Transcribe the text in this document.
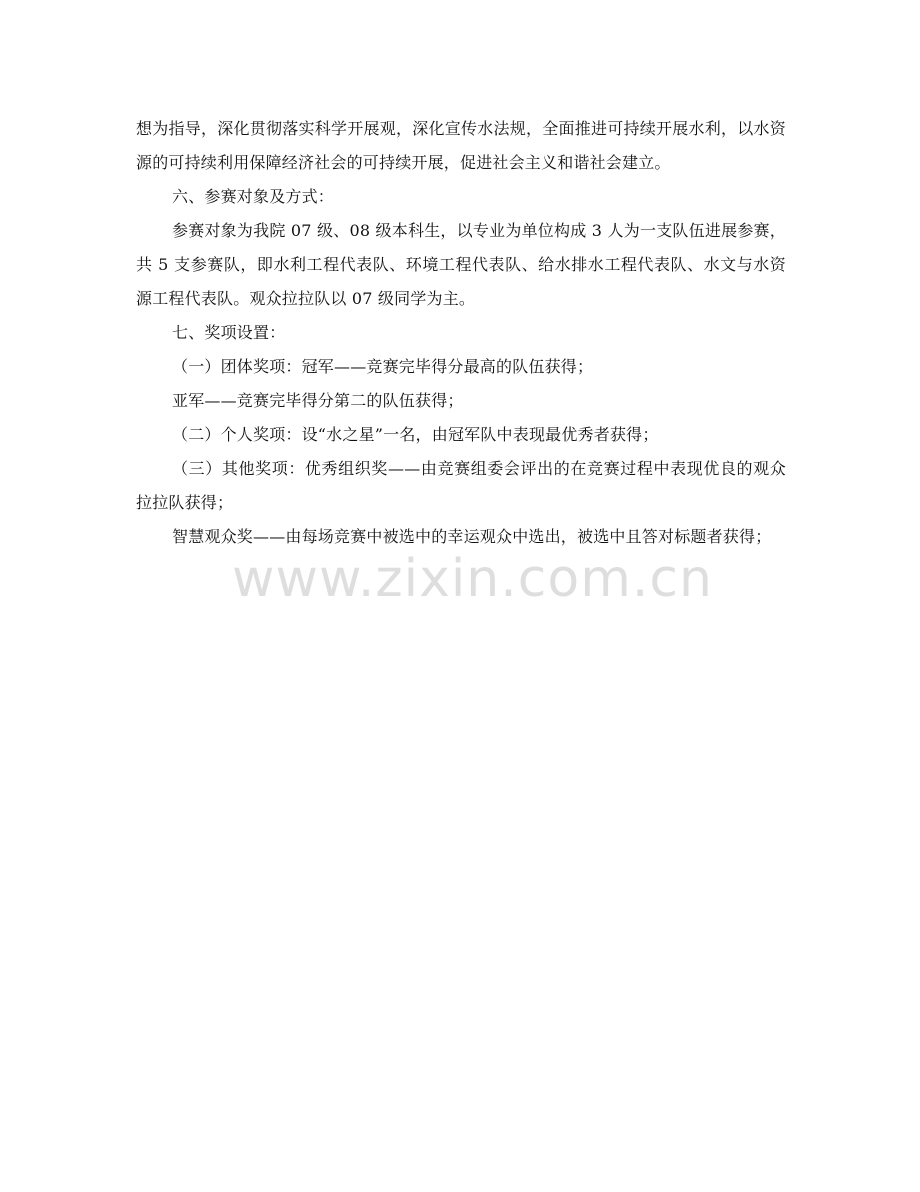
想为指导，深化贯彻落实科学开展观，深化宣传水法规，全面推进可持续开展水利，以水资源的可持续利用保障经济社会的可持续开展，促进社会主义和谐社会建立。

六、参赛对象及方式：

参赛对象为我院 07 级、08 级本科生，以专业为单位构成 3 人为一支队伍进展参赛，共 5 支参赛队，即水利工程代表队、环境工程代表队、给水排水工程代表队、水文与水资源工程代表队。观众拉拉队以 07 级同学为主。

七、奖项设置：

（一）团体奖项：冠军——竞赛完毕得分最高的队伍获得；

亚军——竞赛完毕得分第二的队伍获得；

（二）个人奖项：设“水之星”一名，由冠军队中表现最优秀者获得；

（三）其他奖项：优秀组织奖——由竞赛组委会评出的在竞赛过程中表现优良的观众拉拉队获得；

智慧观众奖——由每场竞赛中被选中的幸运观众中选出，被选中且答对标题者获得；

www.zixin.com.cn
